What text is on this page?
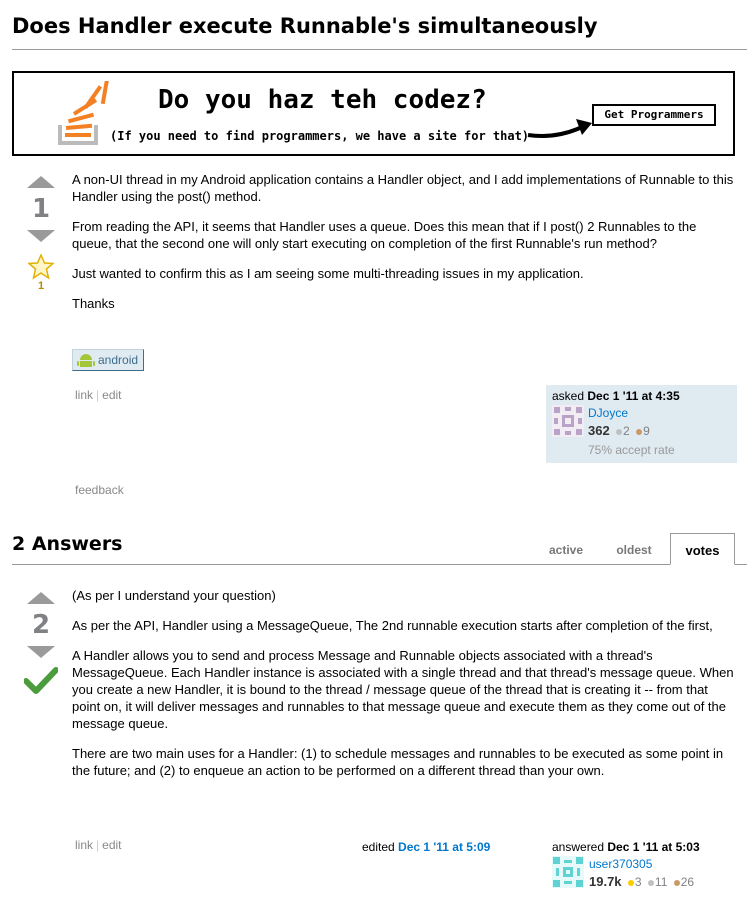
Does Handler execute Runnable's simultaneously
Do you haz teh codez?
(If you need to find programmers, we have a site for that)
Get Programmers
1
1

A non-UI thread in my Android application contains a Handler object, and I add implementations of Runnable to this Handler using the post() method.

From reading the API, it seems that Handler uses a queue. Does this mean that if I post() 2 Runnables to the queue, that the second one will only start executing on completion of the first Runnable's run method?

Just wanted to confirm this as I am seeing some multi-threading issues in my application.

Thanks

android
link | edit	asked Dec 1 '11 at 4:35
DJoyce
362 2 9
75% accept rate
feedback
2 Answers	active	oldest	votes
2

(As per I understand your question)

As per the API, Handler using a MessageQueue, The 2nd runnable execution starts after completion of the first,

A Handler allows you to send and process Message and Runnable objects associated with a thread's MessageQueue. Each Handler instance is associated with a single thread and that thread's message queue. When you create a new Handler, it is bound to the thread / message queue of the thread that is creating it -- from that point on, it will deliver messages and runnables to that message queue and execute them as they come out of the message queue.

There are two main uses for a Handler: (1) to schedule messages and runnables to be executed as some point in the future; and (2) to enqueue an action to be performed on a different thread than your own.

link | edit	edited Dec 1 '11 at 5:09	answered Dec 1 '11 at 5:03
user370305
19.7k 3 11 26
